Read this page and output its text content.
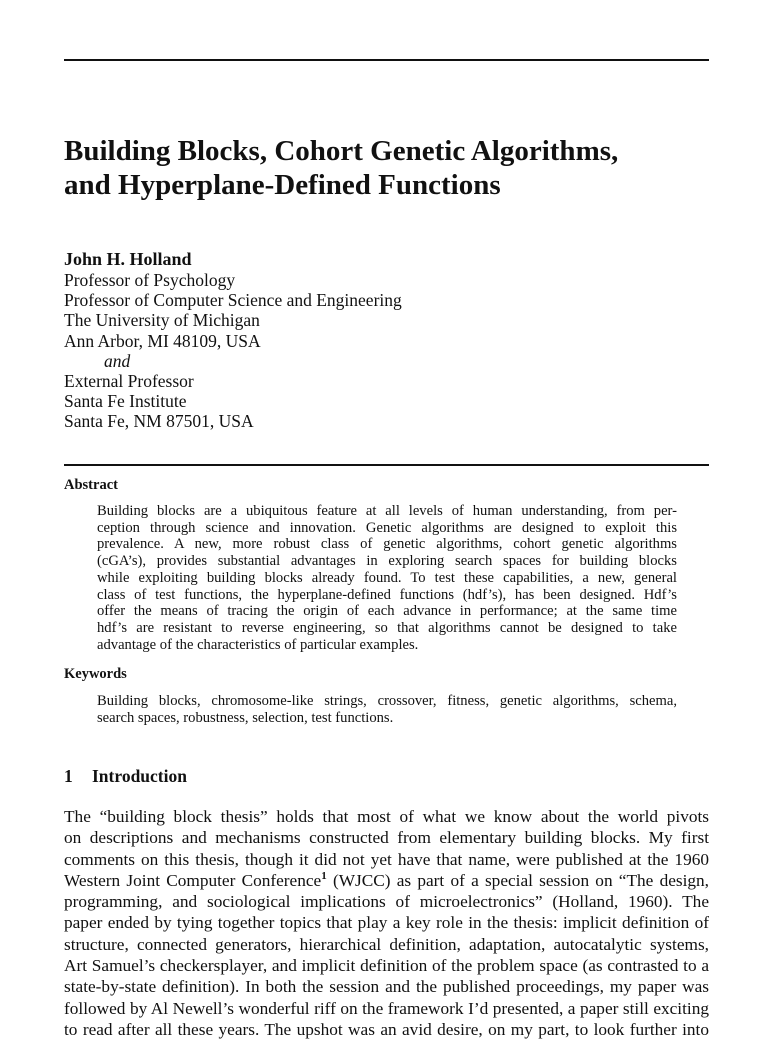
Building Blocks, Cohort Genetic Algorithms,
and Hyperplane-Defined Functions
John H. Holland
Professor of Psychology
Professor of Computer Science and Engineering
The University of Michigan
Ann Arbor, MI 48109, USA
and
External Professor
Santa Fe Institute
Santa Fe, NM 87501, USA
Abstract
Building blocks are a ubiquitous feature at all levels of human understanding, from per-
ception through science and innovation. Genetic algorithms are designed to exploit this
prevalence. A new, more robust class of genetic algorithms, cohort genetic algorithms
(cGA’s), provides substantial advantages in exploring search spaces for building blocks
while exploiting building blocks already found. To test these capabilities, a new, general
class of test functions, the hyperplane-defined functions (hdf’s), has been designed. Hdf’s
offer the means of tracing the origin of each advance in performance; at the same time
hdf’s are resistant to reverse engineering, so that algorithms cannot be designed to take
advantage of the characteristics of particular examples.
Keywords
Building blocks, chromosome-like strings, crossover, fitness, genetic algorithms, schema,
search spaces, robustness, selection, test functions.
1 Introduction
The “building block thesis” holds that most of what we know about the world pivots
on descriptions and mechanisms constructed from elementary building blocks. My first
comments on this thesis, though it did not yet have that name, were published at the 1960
Western Joint Computer Conference$^1$ (WJCC) as part of a special session on “The design,
programming, and sociological implications of microelectronics” (Holland, 1960). The
paper ended by tying together topics that play a key role in the thesis: implicit definition of
structure, connected generators, hierarchical definition, adaptation, autocatalytic systems,
Art Samuel’s checkersplayer, and implicit definition of the problem space (as contrasted to a
state-by-state definition). In both the session and the published proceedings, my paper was
followed by Al Newell’s wonderful riff on the framework I’d presented, a paper still exciting
to read after all these years. The upshot was an avid desire, on my part, to look further into
